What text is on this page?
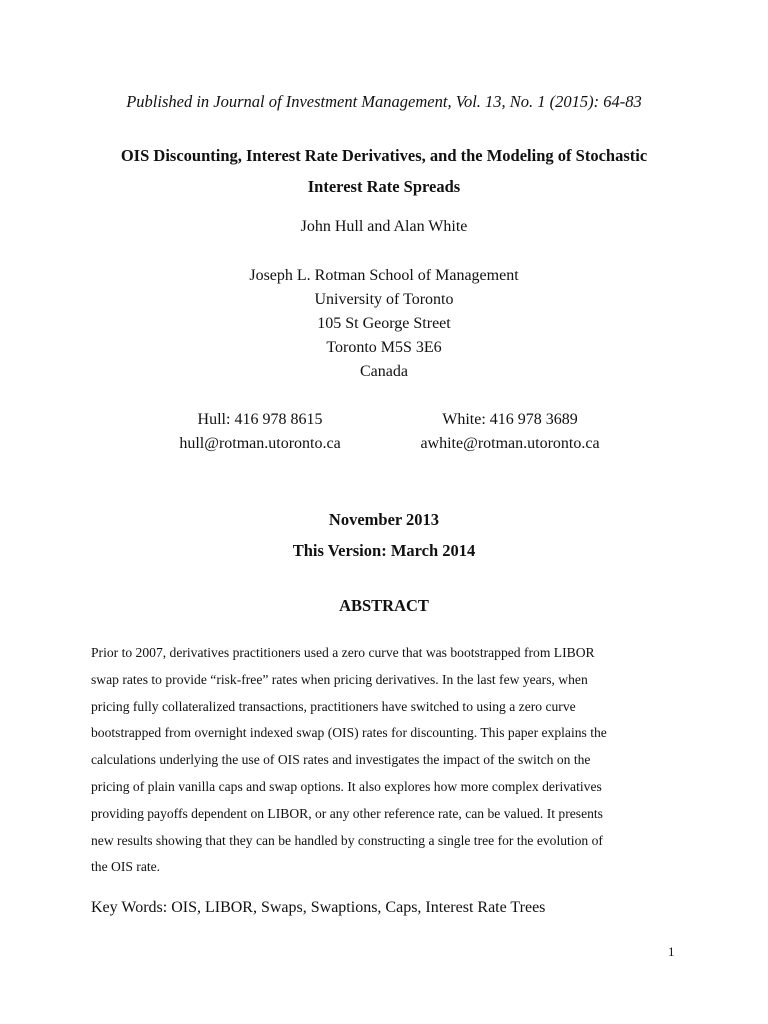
Published in Journal of Investment Management, Vol. 13, No. 1 (2015): 64-83
OIS Discounting, Interest Rate Derivatives, and the Modeling of Stochastic
Interest Rate Spreads
John Hull and Alan White
Joseph L. Rotman School of Management
University of Toronto
105 St George Street
Toronto M5S 3E6
Canada
Hull: 416 978 8615
hull@rotman.utoronto.ca
White: 416 978 3689
awhite@rotman.utoronto.ca
November 2013
This Version: March 2014
ABSTRACT
Prior to 2007, derivatives practitioners used a zero curve that was bootstrapped from LIBOR
swap rates to provide “risk-free” rates when pricing derivatives. In the last few years, when
pricing fully collateralized transactions, practitioners have switched to using a zero curve
bootstrapped from overnight indexed swap (OIS) rates for discounting. This paper explains the
calculations underlying the use of OIS rates and investigates the impact of the switch on the
pricing of plain vanilla caps and swap options. It also explores how more complex derivatives
providing payoffs dependent on LIBOR, or any other reference rate, can be valued. It presents
new results showing that they can be handled by constructing a single tree for the evolution of
the OIS rate.
Key Words: OIS, LIBOR, Swaps, Swaptions, Caps, Interest Rate Trees
1
